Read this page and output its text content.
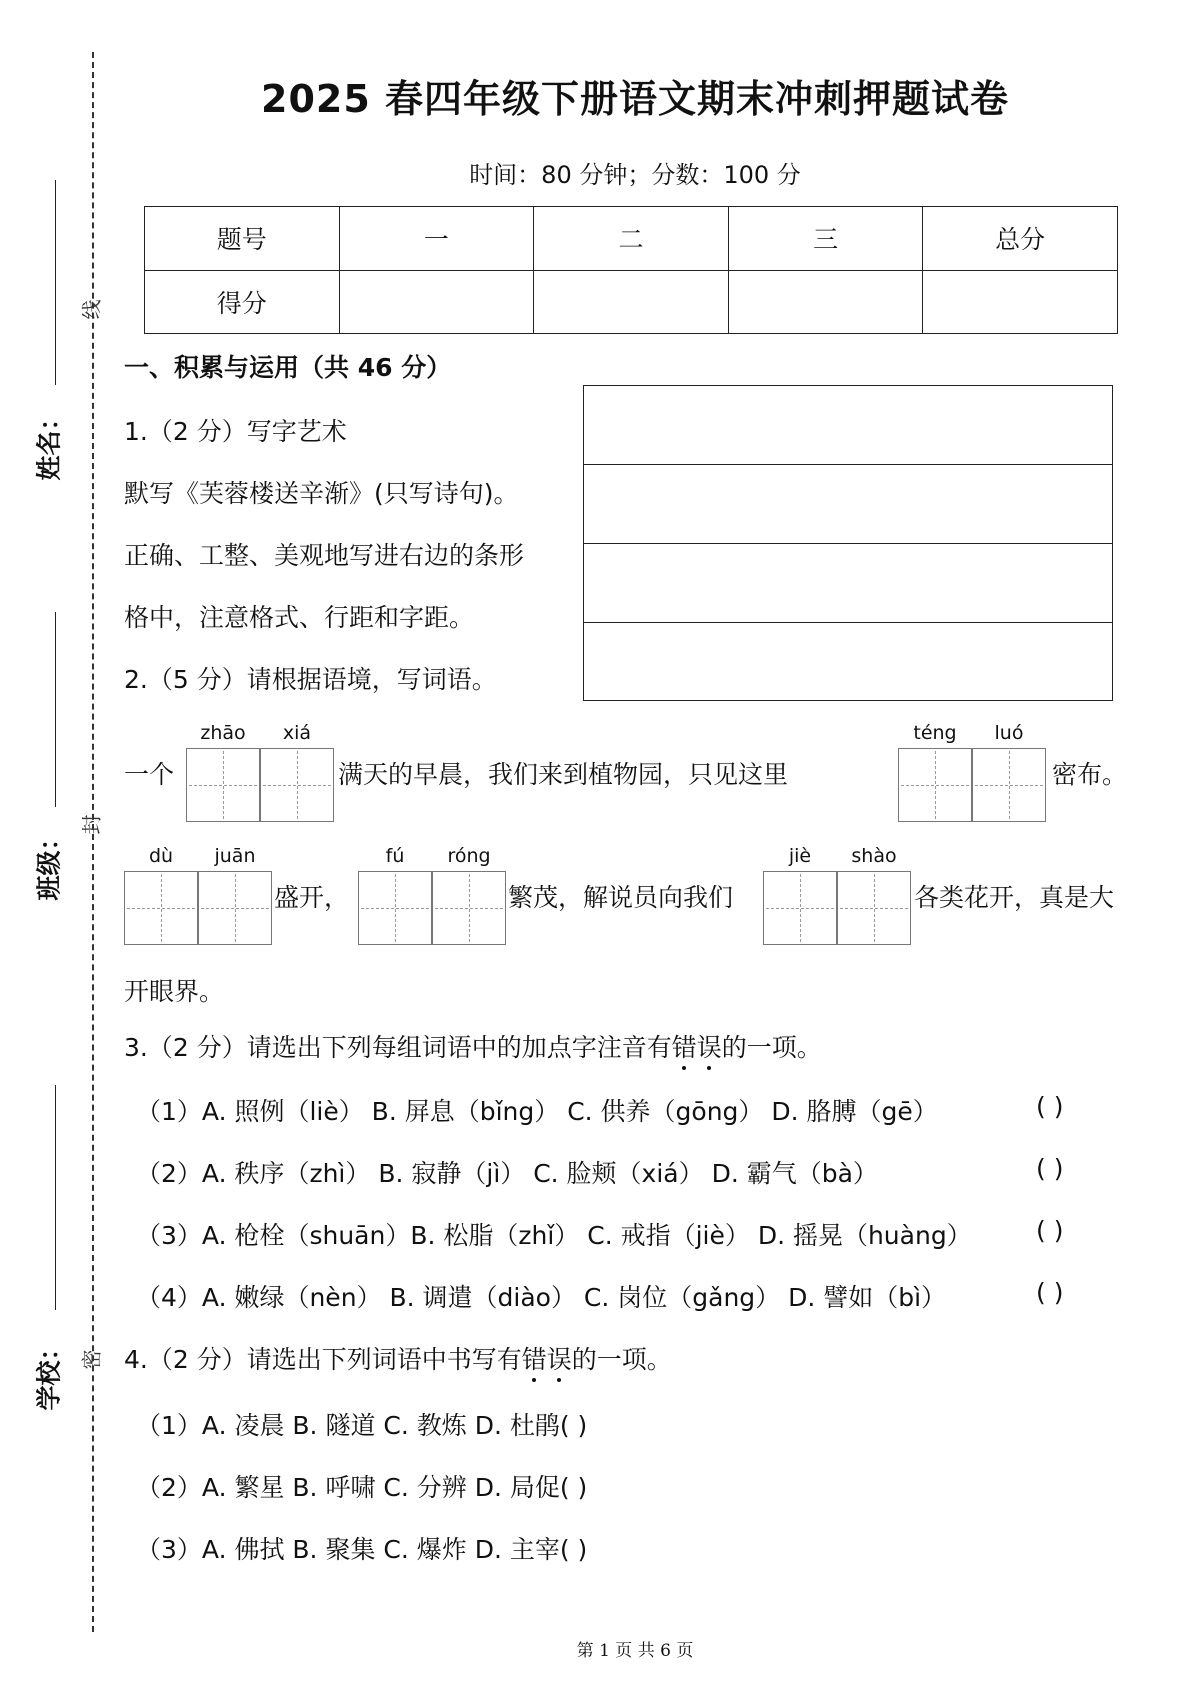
线
封
密
姓名：
班级：
学校：
2025 春四年级下册语文期末冲刺押题试卷
时间：80 分钟；分数：100 分
题号	一	二	三	总分
得分				
一、积累与运用（共 46 分）
1.（2 分）写字艺术
默写《芙蓉楼送辛渐》(只写诗句)。
正确、工整、美观地写进右边的条形
格中，注意格式、行距和字距。
2.（5 分）请根据语境，写词语。
zhāo	xiá
一个	满天的早晨，我们来到植物园，只见这里
téng	luó
密布。
dù	juān
盛开，
fú	róng
繁茂，解说员向我们
jiè	shào
各类花开，真是大
开眼界。
3.（2 分）请选出下列每组词语中的加点字注音有错误的一项。
（1）A. 照例（liè） B. 屏息（bǐng） C. 供养（gōng） D. 胳膊（gē）	( )
（2）A. 秩序（zhì） B. 寂静（jì） C. 脸颊（xiá） D. 霸气（bà）	( )
（3）A. 枪栓（shuān）B. 松脂（zhǐ） C. 戒指（jiè） D. 摇晃（huàng）	( )
（4）A. 嫩绿（nèn） B. 调遣（diào） C. 岗位（gǎng） D. 譬如（bì）	( )
4.（2 分）请选出下列词语中书写有错误的一项。
（1）A. 凌晨 B. 隧道 C. 教炼 D. 杜鹃( )
（2）A. 繁星 B. 呼啸 C. 分辨 D. 局促( )
（3）A. 佛拭 B. 聚集 C. 爆炸 D. 主宰( )
第 1 页 共 6 页
